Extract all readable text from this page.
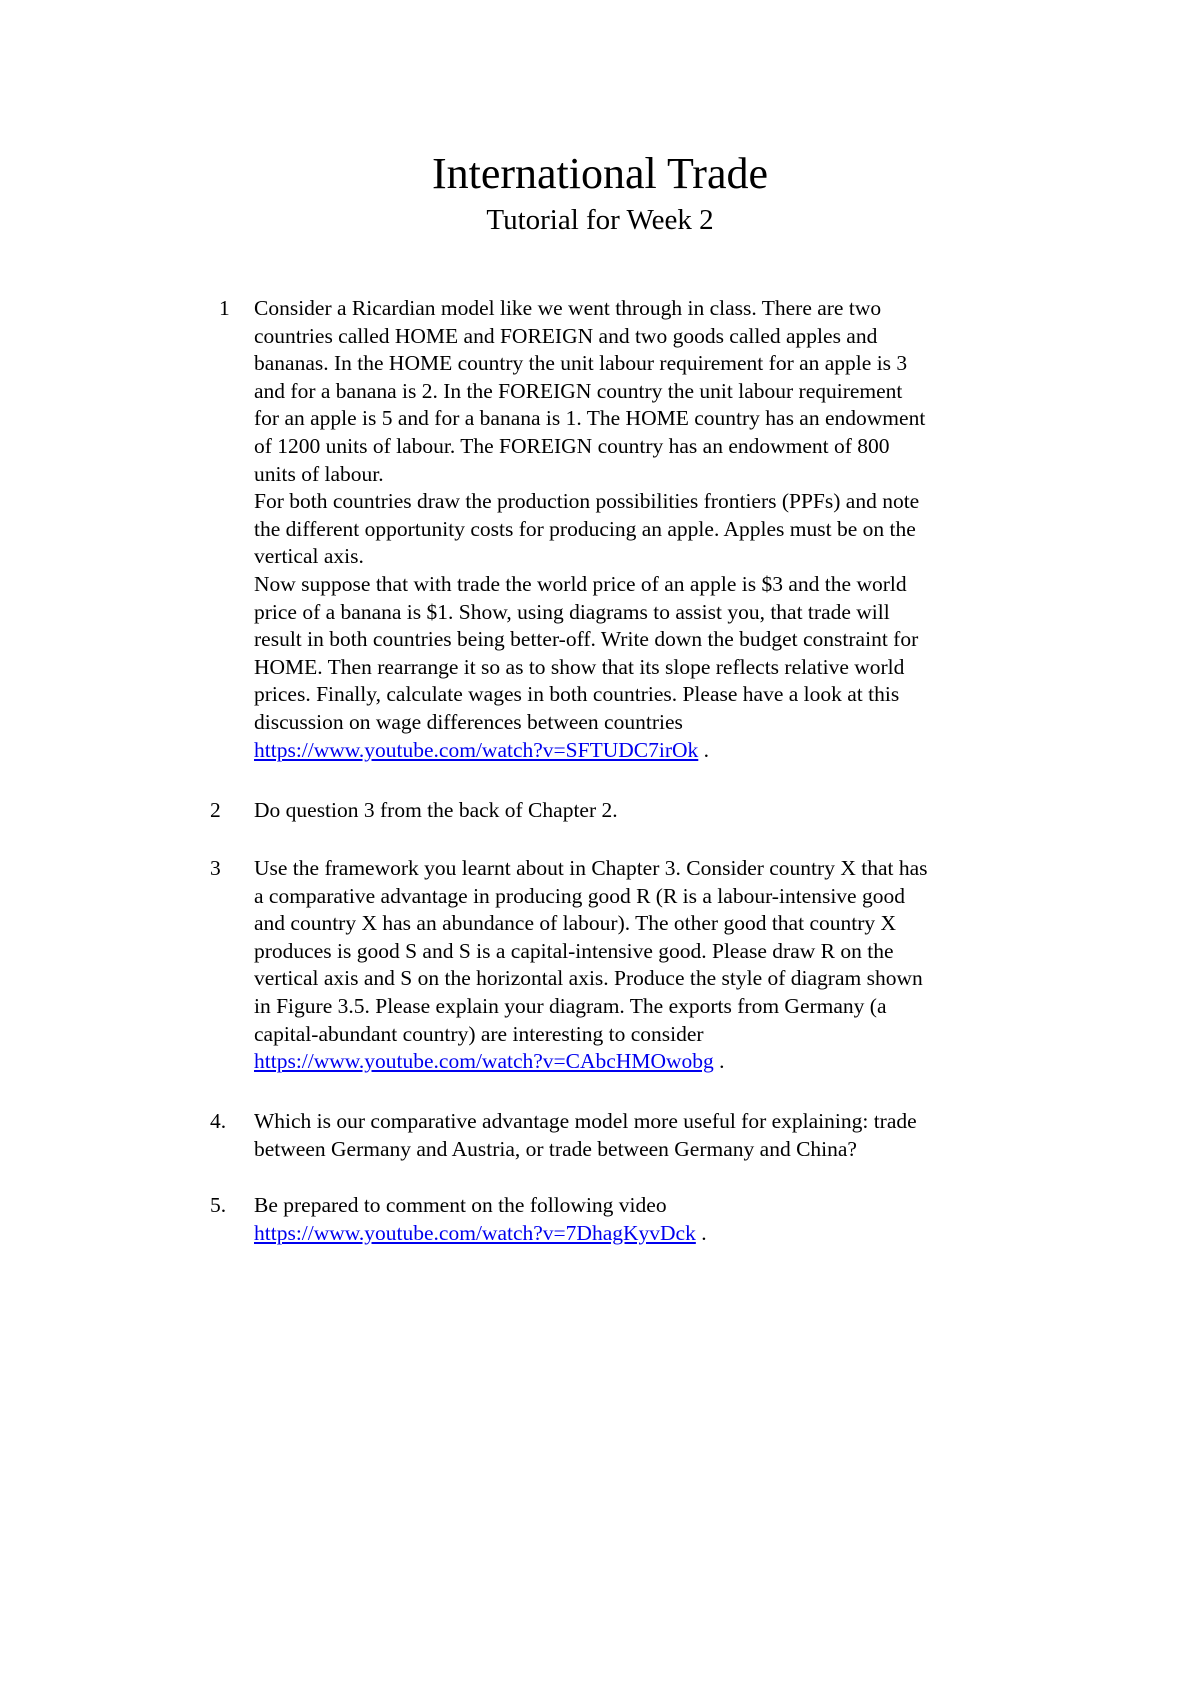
International Trade
Tutorial for Week 2
1	Consider a Ricardian model like we went through in class. There are two
countries called HOME and FOREIGN and two goods called apples and
bananas. In the HOME country the unit labour requirement for an apple is 3
and for a banana is 2. In the FOREIGN country the unit labour requirement
for an apple is 5 and for a banana is 1. The HOME country has an endowment
of 1200 units of labour. The FOREIGN country has an endowment of 800
units of labour.
For both countries draw the production possibilities frontiers (PPFs) and note
the different opportunity costs for producing an apple. Apples must be on the
vertical axis.
Now suppose that with trade the world price of an apple is $3 and the world
price of a banana is $1. Show, using diagrams to assist you, that trade will
result in both countries being better-off. Write down the budget constraint for
HOME. Then rearrange it so as to show that its slope reflects relative world
prices. Finally, calculate wages in both countries. Please have a look at this
discussion on wage differences between countries
https://www.youtube.com/watch?v=SFTUDC7irOk .
2	Do question 3 from the back of Chapter 2.
3	Use the framework you learnt about in Chapter 3. Consider country X that has
a comparative advantage in producing good R (R is a labour-intensive good
and country X has an abundance of labour). The other good that country X
produces is good S and S is a capital-intensive good. Please draw R on the
vertical axis and S on the horizontal axis. Produce the style of diagram shown
in Figure 3.5. Please explain your diagram. The exports from Germany (a
capital-abundant country) are interesting to consider
https://www.youtube.com/watch?v=CAbcHMOwobg .
4.	Which is our comparative advantage model more useful for explaining: trade
between Germany and Austria, or trade between Germany and China?
5.	Be prepared to comment on the following video
https://www.youtube.com/watch?v=7DhagKyvDck .
